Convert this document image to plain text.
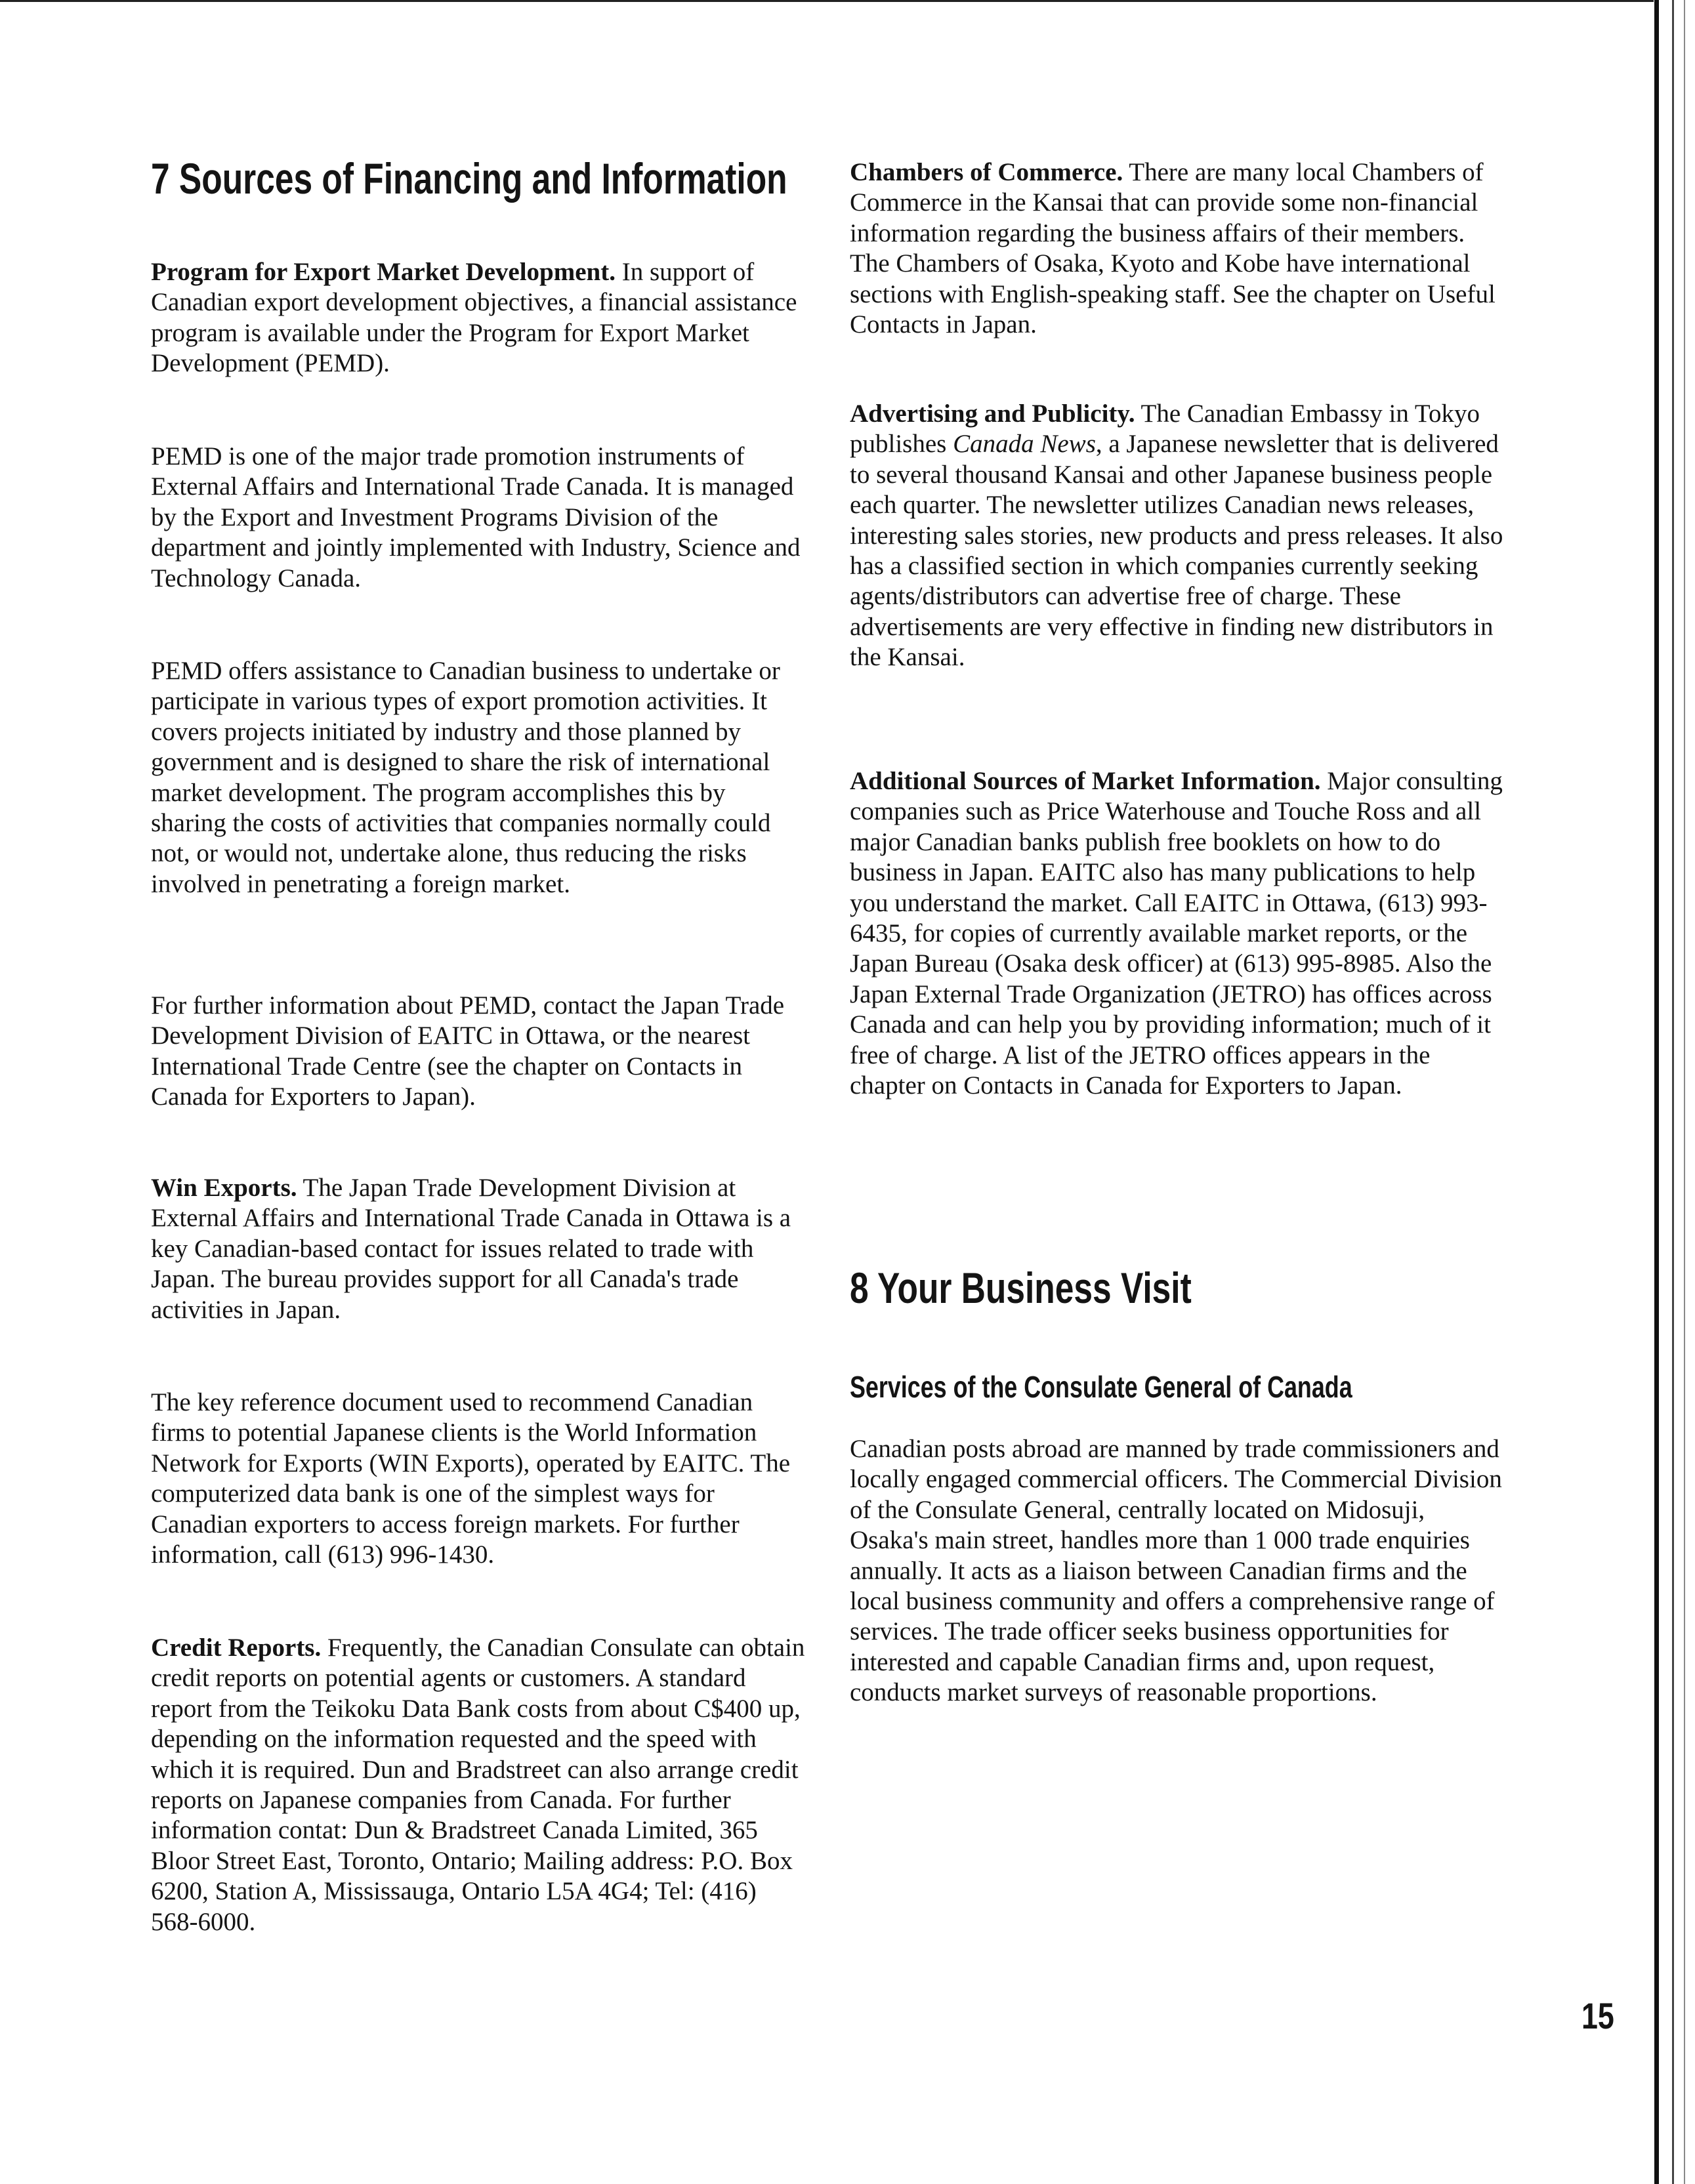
7 Sources of Financing and Information

Program for Export Market Development. In support of Canadian export development objectives, a financial assistance program is available under the Program for Export Market Development (PEMD).

PEMD is one of the major trade promotion instruments of External Affairs and International Trade Canada. It is managed by the Export and Investment Programs Division of the department and jointly implemented with Industry, Science and Technology Canada.

PEMD offers assistance to Canadian business to undertake or participate in various types of export promotion activities. It covers projects initiated by industry and those planned by government and is designed to share the risk of international market development. The program accomplishes this by sharing the costs of activities that companies normally could not, or would not, undertake alone, thus reducing the risks involved in penetrating a foreign market.

For further information about PEMD, contact the Japan Trade Development Division of EAITC in Ottawa, or the nearest International Trade Centre (see the chapter on Contacts in Canada for Exporters to Japan).

Win Exports. The Japan Trade Development Division at External Affairs and International Trade Canada in Ottawa is a key Canadian-based contact for issues related to trade with Japan. The bureau provides support for all Canada's trade activities in Japan.

The key reference document used to recommend Canadian firms to potential Japanese clients is the World Information Network for Exports (WIN Exports), operated by EAITC. The computerized data bank is one of the simplest ways for Canadian exporters to access foreign markets. For further information, call (613) 996-1430.

Credit Reports. Frequently, the Canadian Consulate can obtain credit reports on potential agents or customers. A standard report from the Teikoku Data Bank costs from about C$400 up, depending on the information requested and the speed with which it is required. Dun and Bradstreet can also arrange credit reports on Japanese companies from Canada. For further information contat: Dun & Bradstreet Canada Limited, 365 Bloor Street East, Toronto, Ontario; Mailing address: P.O. Box 6200, Station A, Mississauga, Ontario L5A 4G4; Tel: (416) 568-6000.

Chambers of Commerce. There are many local Chambers of Commerce in the Kansai that can provide some non-financial information regarding the business affairs of their members. The Chambers of Osaka, Kyoto and Kobe have international sections with English-speaking staff. See the chapter on Useful Contacts in Japan.

Advertising and Publicity. The Canadian Embassy in Tokyo publishes Canada News, a Japanese newsletter that is delivered to several thousand Kansai and other Japanese business people each quarter. The newsletter utilizes Canadian news releases, interesting sales stories, new products and press releases. It also has a classified section in which companies currently seeking agents/distributors can advertise free of charge. These advertisements are very effective in finding new distributors in the Kansai.

Additional Sources of Market Information. Major consulting companies such as Price Waterhouse and Touche Ross and all major Canadian banks publish free booklets on how to do business in Japan. EAITC also has many publications to help you understand the market. Call EAITC in Ottawa, (613) 993-6435, for copies of currently available market reports, or the Japan Bureau (Osaka desk officer) at (613) 995-8985. Also the Japan External Trade Organization (JETRO) has offices across Canada and can help you by providing information; much of it free of charge. A list of the JETRO offices appears in the chapter on Contacts in Canada for Exporters to Japan.

8 Your Business Visit
Services of the Consulate General of Canada

Canadian posts abroad are manned by trade commissioners and locally engaged commercial officers. The Commercial Division of the Consulate General, centrally located on Midosuji, Osaka's main street, handles more than 1 000 trade enquiries annually. It acts as a liaison between Canadian firms and the local business community and offers a comprehensive range of services. The trade officer seeks business opportunities for interested and capable Canadian firms and, upon request, conducts market surveys of reasonable proportions.

15
